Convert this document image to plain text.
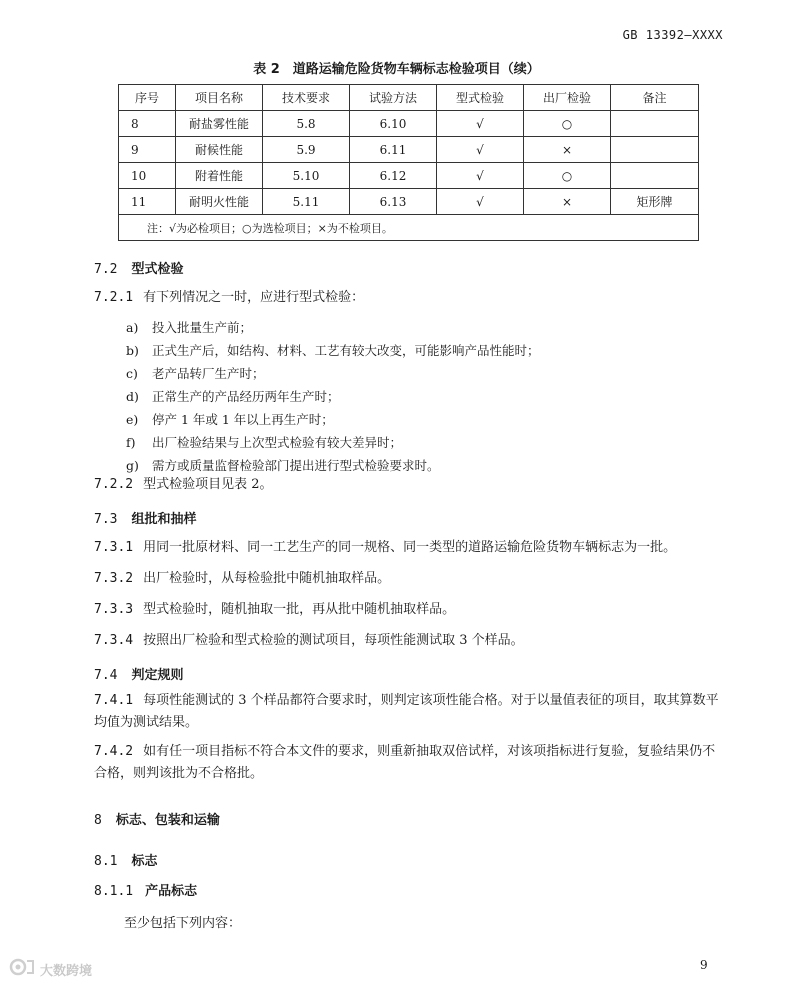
GB 13392—XXXX
表 2　道路运输危险货物车辆标志检验项目（续）
序号	项目名称	技术要求	试验方法	型式检验	出厂检验	备注
8	耐盐雾性能	5.8	6.10	√	○	
9	耐候性能	5.9	6.11	√	×	
10	附着性能	5.10	6.12	√	○	
11	耐明火性能	5.11	6.13	√	×	矩形牌
注：√为必检项目；○为选检项目；×为不检项目。						
7.2 型式检验
7.2.1 有下列情况之一时，应进行型式检验：
a) 投入批量生产前；
b) 正式生产后，如结构、材料、工艺有较大改变，可能影响产品性能时；
c) 老产品转厂生产时；
d) 正常生产的产品经历两年生产时；
e) 停产 1 年或 1 年以上再生产时；
f) 出厂检验结果与上次型式检验有较大差异时；
g) 需方或质量监督检验部门提出进行型式检验要求时。
7.2.2 型式检验项目见表 2。
7.3 组批和抽样
7.3.1 用同一批原材料、同一工艺生产的同一规格、同一类型的道路运输危险货物车辆标志为一批。
7.3.2 出厂检验时，从每检验批中随机抽取样品。
7.3.3 型式检验时，随机抽取一批，再从批中随机抽取样品。
7.3.4 按照出厂检验和型式检验的测试项目，每项性能测试取 3 个样品。
7.4 判定规则
7.4.1 每项性能测试的 3 个样品都符合要求时，则判定该项性能合格。对于以量值表征的项目，取其算数平均值为测试结果。
7.4.2 如有任一项目指标不符合本文件的要求，则重新抽取双倍试样，对该项指标进行复验，复验结果仍不合格，则判该批为不合格批。
8 标志、包装和运输
8.1 标志
8.1.1 产品标志
至少包括下列内容：
9
大数跨境
